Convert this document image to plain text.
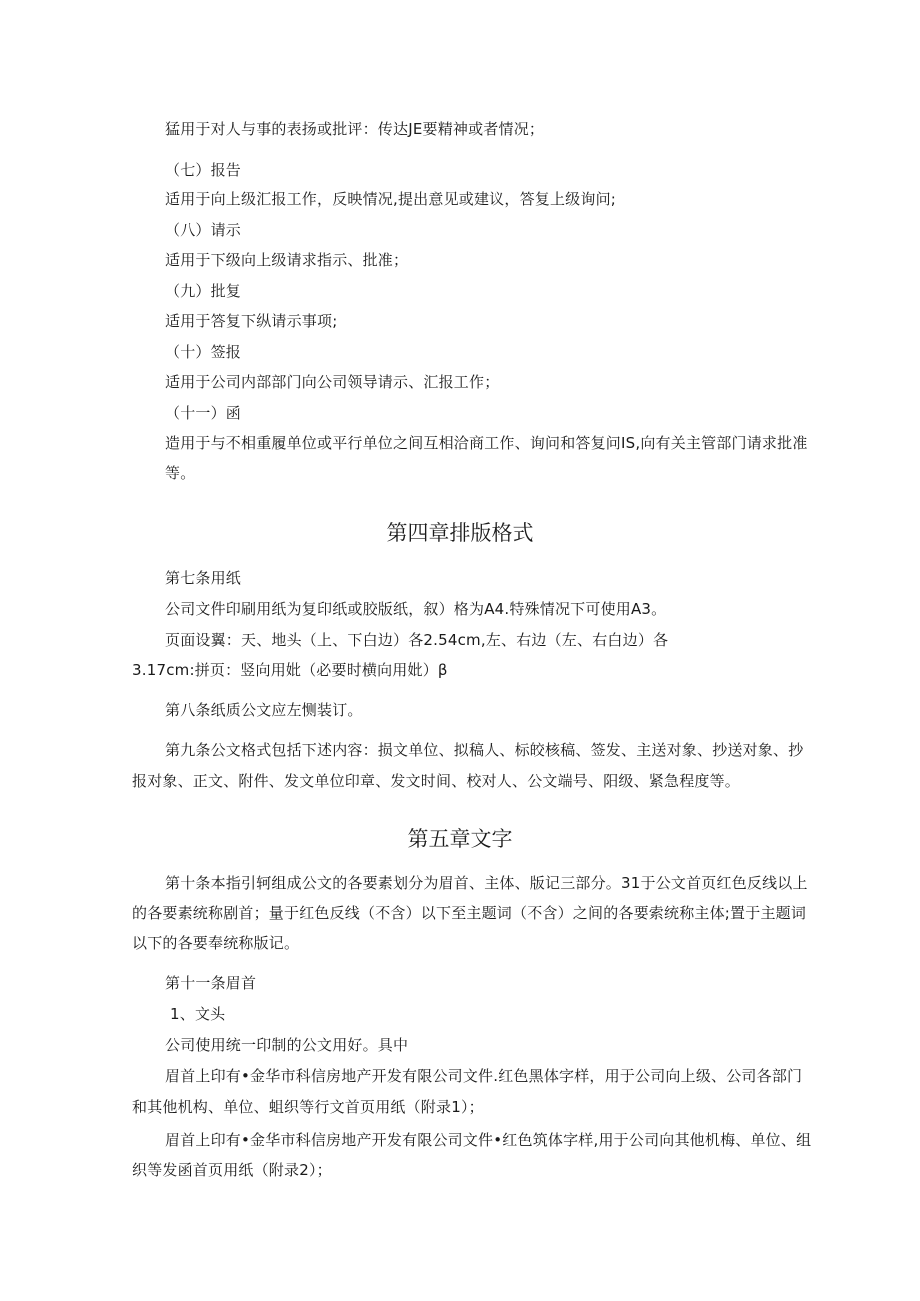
猛用于对人与事的表扬或批评：传达JE要精神或者情况；

（七）报告

适用于向上级汇报工作，反映情况,提出意见或建议，答复上级询问;

（八）请示

适用于下级向上级请求指示、批准；

（九）批复

适用于答复下纵请示事项;

（十）签报

适用于公司内部部门向公司领导请示、汇报工作；

（十一）函

造用于与不相重履单位或平行单位之间互相洽商工作、询问和答复问IS,向有关主管部门请求批准

等。

第四章排版格式

第七条用纸

公司文件印刷用纸为复印纸或胶版纸，叙）格为A4.特殊情况下可使用A3。

页面设翼：天、地头（上、下白边）各2.54cm,左、右边（左、右白边）各

3.17cm:拼页：竖向用妣（必要时横向用妣）β

第八条纸质公文应左恻装订。

第九条公文格式包括下述内容：损文单位、拟稿人、标皎核稿、签发、主送对象、抄送对象、抄

报对象、正文、附件、发文单位印章、发文时间、校对人、公文端号、阳级、紧急程度等。

第五章文字

第十条本指引轲组成公文的各要素划分为眉首、主体、版记三部分。31于公文首页红色反线以上

的各要素统称剧首；量于红色反线（不含）以下至主题词（不含）之间的各要索统称主体;置于主题词

以下的各要奉统称版记。

第十一条眉首

1、文头

公司使用统一印制的公文用好。具中

眉首上印有•金华市科信房地产开发有限公司文件.红色黑体字样，用于公司向上级、公司各部门

和其他机构、单位、蛆织等行文首页用纸（附录1）；

眉首上印有•金华市科信房地产开发有限公司文件•红色筑体字样,用于公司向其他机梅、单位、组

织等发函首页用纸（附录2）；
